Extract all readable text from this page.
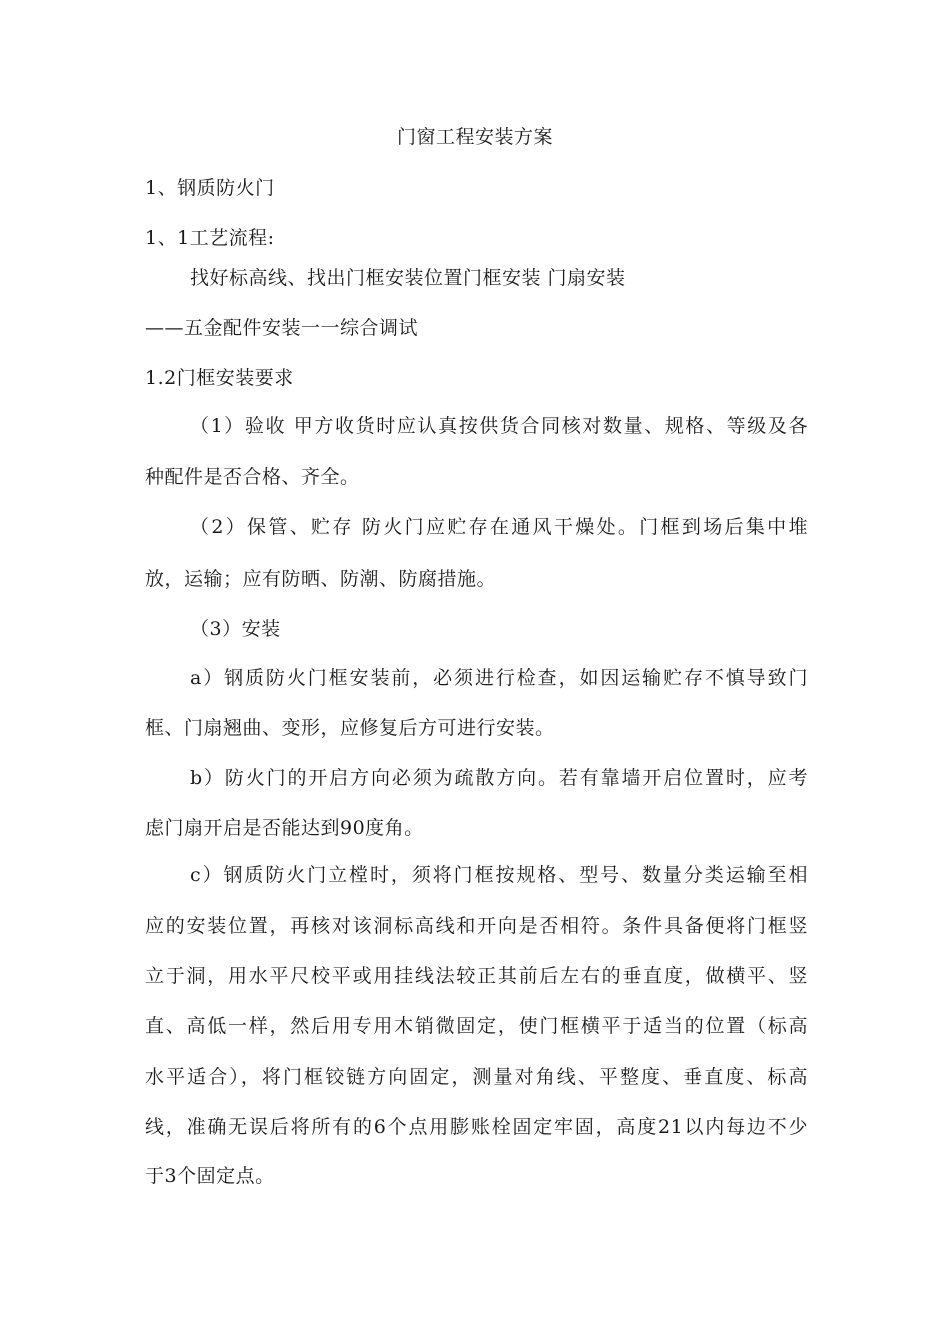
门窗工程安装方案

1、钢质防火门

1、1工艺流程:

找好标高线、找出门框安装位置门框安装 门扇安装

——五金配件安装一一综合调试

1.2门框安装要求

（1）验收 甲方收货时应认真按供货合同核对数量、规格、等级及各

种配件是否合格、齐全。

（2）保管、贮存 防火门应贮存在通风干燥处。门框到场后集中堆

放，运输；应有防晒、防潮、防腐措施。

（3）安装

a）钢质防火门框安装前，必须进行检查，如因运输贮存不慎导致门

框、门扇翘曲、变形，应修复后方可进行安装。

b）防火门的开启方向必须为疏散方向。若有靠墙开启位置时，应考

虑门扇开启是否能达到90度角。

c）钢质防火门立樘时，须将门框按规格、型号、数量分类运输至相

应的安装位置，再核对该洞标高线和开向是否相符。条件具备便将门框竖

立于洞，用水平尺校平或用挂线法较正其前后左右的垂直度，做横平、竖

直、高低一样，然后用专用木销微固定，使门框横平于适当的位置（标高

水平适合），将门框铰链方向固定，测量对角线、平整度、垂直度、标高

线，准确无误后将所有的6个点用膨账栓固定牢固，高度21以内每边不少

于3个固定点。
